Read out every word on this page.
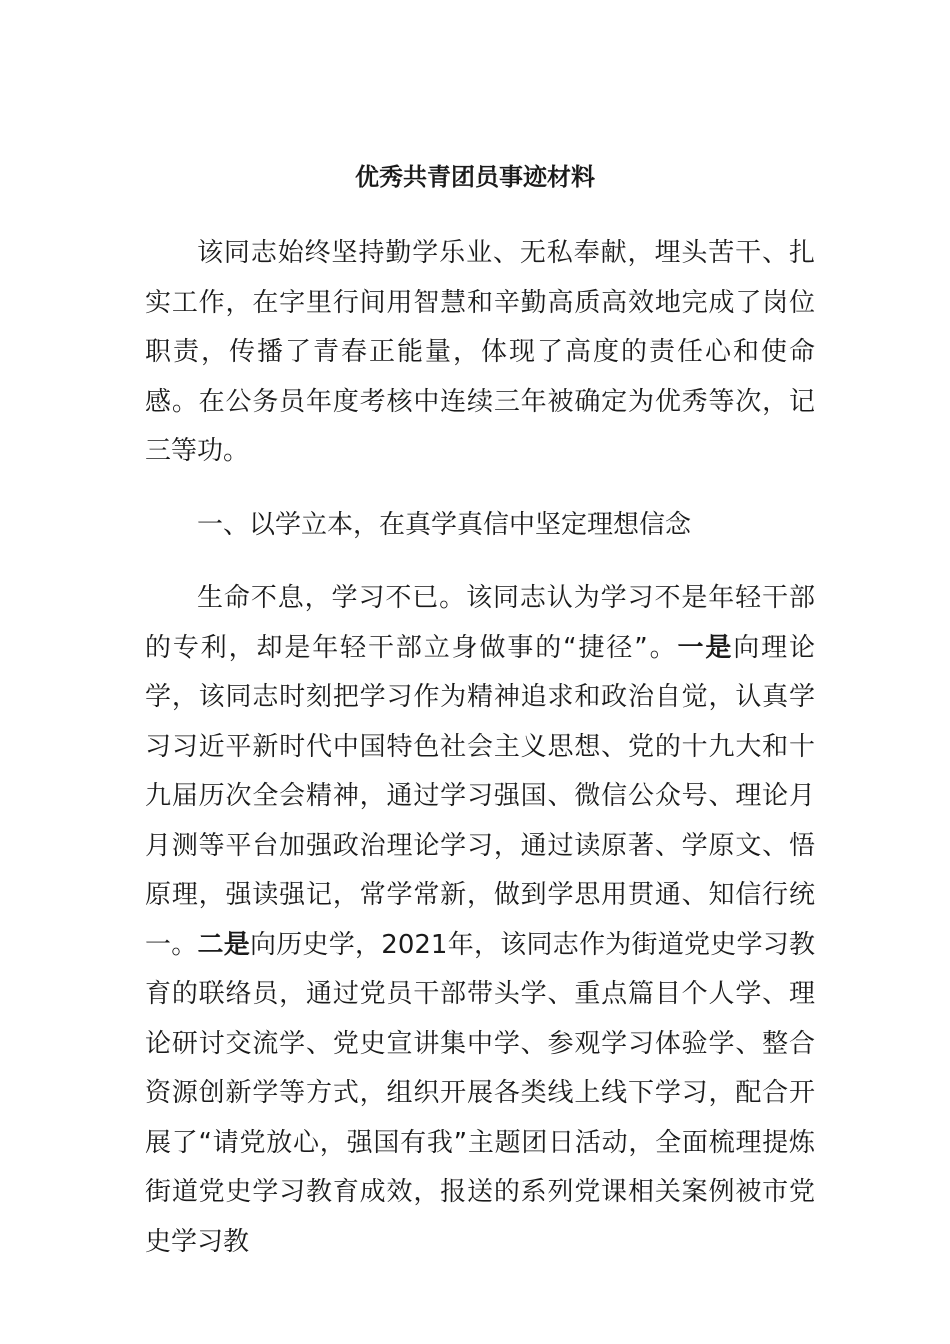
优秀共青团员事迹材料

该同志始终坚持勤学乐业、无私奉献，埋头苦干、扎实工作，在字里行间用智慧和辛勤高质高效地完成了岗位职责，传播了青春正能量，体现了高度的责任心和使命感。在公务员年度考核中连续三年被确定为优秀等次，记三等功。

一、以学立本，在真学真信中坚定理想信念

生命不息，学习不已。该同志认为学习不是年轻干部的专利，却是年轻干部立身做事的“捷径”。一是向理论学，该同志时刻把学习作为精神追求和政治自觉，认真学习习近平新时代中国特色社会主义思想、党的十九大和十九届历次全会精神，通过学习强国、微信公众号、理论月月测等平台加强政治理论学习，通过读原著、学原文、悟原理，强读强记，常学常新，做到学思用贯通、知信行统一。二是向历史学，2021年，该同志作为街道党史学习教育的联络员，通过党员干部带头学、重点篇目个人学、理论研讨交流学、党史宣讲集中学、参观学习体验学、整合资源创新学等方式，组织开展各类线上线下学习，配合开展了“请党放心，强国有我”主题团日活动，全面梳理提炼街道党史学习教育成效，报送的系列党课相关案例被市党史学习教
